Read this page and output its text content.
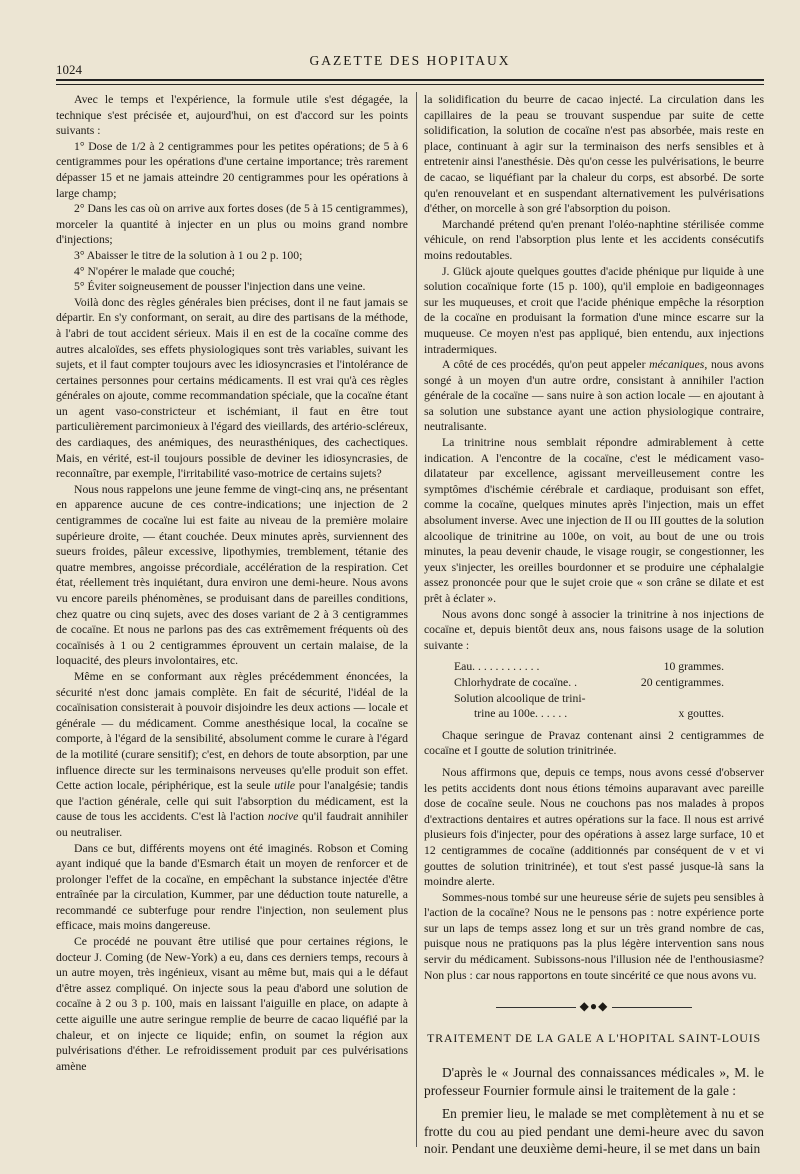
1024
GAZETTE DES HOPITAUX

Avec le temps et l'expérience, la formule utile s'est dégagée, la technique s'est précisée et, aujourd'hui, on est d'accord sur les points suivants :

1° Dose de 1/2 à 2 centigrammes pour les petites opérations; de 5 à 6 centigrammes pour les opérations d'une certaine importance; très rarement dépasser 15 et ne jamais atteindre 20 centigrammes pour les opérations à large champ;

2° Dans les cas où on arrive aux fortes doses (de 5 à 15 centigrammes), morceler la quantité à injecter en un plus ou moins grand nombre d'injections;

3° Abaisser le titre de la solution à 1 ou 2 p. 100;

4° N'opérer le malade que couché;

5° Éviter soigneusement de pousser l'injection dans une veine.

Voilà donc des règles générales bien précises, dont il ne faut jamais se départir. En s'y conformant, on serait, au dire des partisans de la méthode, à l'abri de tout accident sérieux. Mais il en est de la cocaïne comme des autres alcaloïdes, ses effets physiologiques sont très variables, suivant les sujets, et il faut compter toujours avec les idiosyncrasies et l'intolérance de certaines personnes pour certains médicaments. Il est vrai qu'à ces règles générales on ajoute, comme recommandation spéciale, que la cocaïne étant un agent vaso-constricteur et ischémiant, il faut en être tout particulièrement parcimonieux à l'égard des vieillards, des artério-scléreux, des cardiaques, des anémiques, des neurasthéniques, des cachectiques. Mais, en vérité, est-il toujours possible de deviner les idiosyncrasies, de reconnaître, par exemple, l'irritabilité vaso-motrice de certains sujets?

Nous nous rappelons une jeune femme de vingt-cinq ans, ne présentant en apparence aucune de ces contre-indications; une injection de 2 centigrammes de cocaïne lui est faite au niveau de la première molaire supérieure droite, — étant couchée. Deux minutes après, surviennent des sueurs froides, pâleur excessive, lipothymies, tremblement, tétanie des quatre membres, angoisse précordiale, accélération de la respiration. Cet état, réellement très inquiétant, dura environ une demi-heure. Nous avons vu encore pareils phénomènes, se produisant dans de pareilles conditions, chez quatre ou cinq sujets, avec des doses variant de 2 à 3 centigrammes de cocaïne. Et nous ne parlons pas des cas extrêmement fréquents où des cocaïnisés à 1 ou 2 centigrammes éprouvent un certain malaise, de la loquacité, des pleurs involontaires, etc.

Même en se conformant aux règles précédemment énoncées, la sécurité n'est donc jamais complète. En fait de sécurité, l'idéal de la cocaïnisation consisterait à pouvoir disjoindre les deux actions — locale et générale — du médicament. Comme anesthésique local, la cocaïne se comporte, à l'égard de la sensibilité, absolument comme le curare à l'égard de la motilité (curare sensitif); c'est, en dehors de toute absorption, par une influence directe sur les terminaisons nerveuses qu'elle produit son effet. Cette action locale, périphérique, est la seule utile pour l'analgésie; tandis que l'action générale, celle qui suit l'absorption du médicament, est la cause de tous les accidents. C'est là l'action nocive qu'il faudrait annihiler ou neutraliser.

Dans ce but, différents moyens ont été imaginés. Robson et Coming ayant indiqué que la bande d'Esmarch était un moyen de renforcer et de prolonger l'effet de la cocaïne, en empêchant la substance injectée d'être entraînée par la circulation, Kummer, par une déduction toute naturelle, a recommandé ce subterfuge pour rendre l'injection, non seulement plus efficace, mais moins dangereuse.

Ce procédé ne pouvant être utilisé que pour certaines régions, le docteur J. Coming (de New-York) a eu, dans ces derniers temps, recours à un autre moyen, très ingénieux, visant au même but, mais qui a le défaut d'être assez compliqué. On injecte sous la peau d'abord une solution de cocaïne à 2 ou 3 p. 100, mais en laissant l'aiguille en place, on adapte à cette aiguille une autre seringue remplie de beurre de cacao liquéfié par la chaleur, et on injecte ce liquide; enfin, on soumet la région aux pulvérisations d'éther. Le refroidissement produit par ces pulvérisations amène

la solidification du beurre de cacao injecté. La circulation dans les capillaires de la peau se trouvant suspendue par suite de cette solidification, la solution de cocaïne n'est pas absorbée, mais reste en place, continuant à agir sur la terminaison des nerfs sensibles et à entretenir ainsi l'anesthésie. Dès qu'on cesse les pulvérisations, le beurre de cacao, se liquéfiant par la chaleur du corps, est absorbé. De sorte qu'en renouvelant et en suspendant alternativement les pulvérisations d'éther, on morcelle à son gré l'absorption du poison.

Marchandé prétend qu'en prenant l'oléo-naphtine stérilisée comme véhicule, on rend l'absorption plus lente et les accidents consécutifs moins redoutables.

J. Glück ajoute quelques gouttes d'acide phénique pur liquide à une solution cocaïnique forte (15 p. 100), qu'il emploie en badigeonnages sur les muqueuses, et croit que l'acide phénique empêche la résorption de la cocaïne en produisant la formation d'une mince escarre sur la muqueuse. Ce moyen n'est pas appliqué, bien entendu, aux injections intradermiques.

A côté de ces procédés, qu'on peut appeler mécaniques, nous avons songé à un moyen d'un autre ordre, consistant à annihiler l'action générale de la cocaïne — sans nuire à son action locale — en ajoutant à sa solution une substance ayant une action physiologique contraire, neutralisante.

La trinitrine nous semblait répondre admirablement à cette indication. A l'encontre de la cocaïne, c'est le médicament vaso-dilatateur par excellence, agissant merveilleusement contre les symptômes d'ischémie cérébrale et cardiaque, produisant son effet, comme la cocaïne, quelques minutes après l'injection, mais un effet absolument inverse. Avec une injection de II ou III gouttes de la solution alcoolique de trinitrine au 100e, on voit, au bout de une ou trois minutes, la peau devenir chaude, le visage rougir, se congestionner, les yeux s'injecter, les oreilles bourdonner et se produire une céphalalgie assez prononcée pour que le sujet croie que « son crâne se dilate et est prêt à éclater ».

Nous avons donc songé à associer la trinitrine à nos injections de cocaïne et, depuis bientôt deux ans, nous faisons usage de la solution suivante :

Eau. . . . . . . . . . . .	10 grammes.
Chlorhydrate de cocaïne. .	20 centigrammes.
Solution alcoolique de trini-
trine au 100e. . . . . .	x gouttes.

Chaque seringue de Pravaz contenant ainsi 2 centigrammes de cocaïne et I goutte de solution trinitrinée.

Nous affirmons que, depuis ce temps, nous avons cessé d'observer les petits accidents dont nous étions témoins auparavant avec pareille dose de cocaïne seule. Nous ne couchons pas nos malades à propos d'extractions dentaires et autres opérations sur la face. Il nous est arrivé plusieurs fois d'injecter, pour des opérations à assez large surface, 10 et 12 centigrammes de cocaïne (additionnés par conséquent de v et vi gouttes de solution trinitrinée), et tout s'est passé jusque-là sans la moindre alerte.

Sommes-nous tombé sur une heureuse série de sujets peu sensibles à l'action de la cocaïne? Nous ne le pensons pas : notre expérience porte sur un laps de temps assez long et sur un très grand nombre de cas, puisque nous ne pratiquons pas la plus légère intervention sans nous servir du médicament. Subissons-nous l'illusion née de l'enthousiasme? Non plus : car nous rapportons en toute sincérité ce que nous avons vu.

◆●◆
TRAITEMENT DE LA GALE A L'HOPITAL SAINT-LOUIS

D'après le « Journal des connaissances médicales », M. le professeur Fournier formule ainsi le traitement de la gale :

En premier lieu, le malade se met complètement à nu et se frotte du cou au pied pendant une demi-heure avec du savon noir. Pendant une deuxième demi-heure, il se met dans un bain
